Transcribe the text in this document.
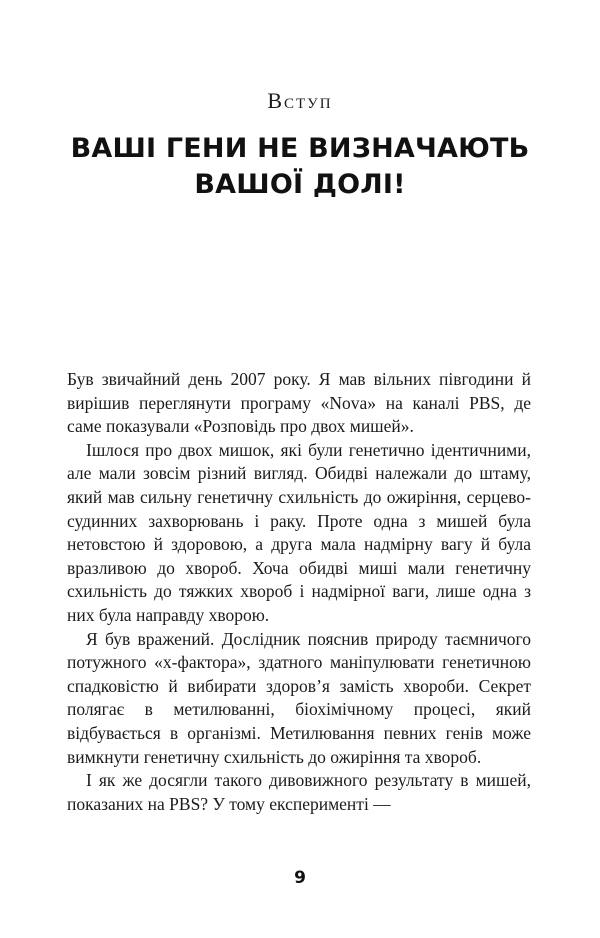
Вступ
ВАШІ ГЕНИ НЕ ВИЗНАЧАЮТЬ
ВАШОЇ ДОЛІ!

Був звичайний день 2007 року. Я мав вільних півгодини й вирішив переглянути програму «Nova» на каналі PBS, де саме показували «Розповідь про двох мишей».

Ішлося про двох мишок, які були генетично ідентичними, але мали зовсім різний вигляд. Обидві належали до штаму, який мав сильну генетичну схильність до ожиріння, серцево-судинних захворювань і раку. Проте одна з мишей була нетовстою й здоровою, а друга мала надмірну вагу й була вразливою до хвороб. Хоча обидві миші мали генетичну схильність до тяжких хвороб і надмірної ваги, лише одна з них була направду хворою.

Я був вражений. Дослідник пояснив природу таємничого потужного «х-фактора», здатного маніпулювати генетичною спадковістю й вибирати здоров’я замість хвороби. Секрет полягає в метилюванні, біохімічному процесі, який відбувається в організмі. Метилювання певних генів може вимкнути генетичну схильність до ожиріння та хвороб.

І як же досягли такого дивовижного результату в мишей, показаних на PBS? У тому експерименті —

9
